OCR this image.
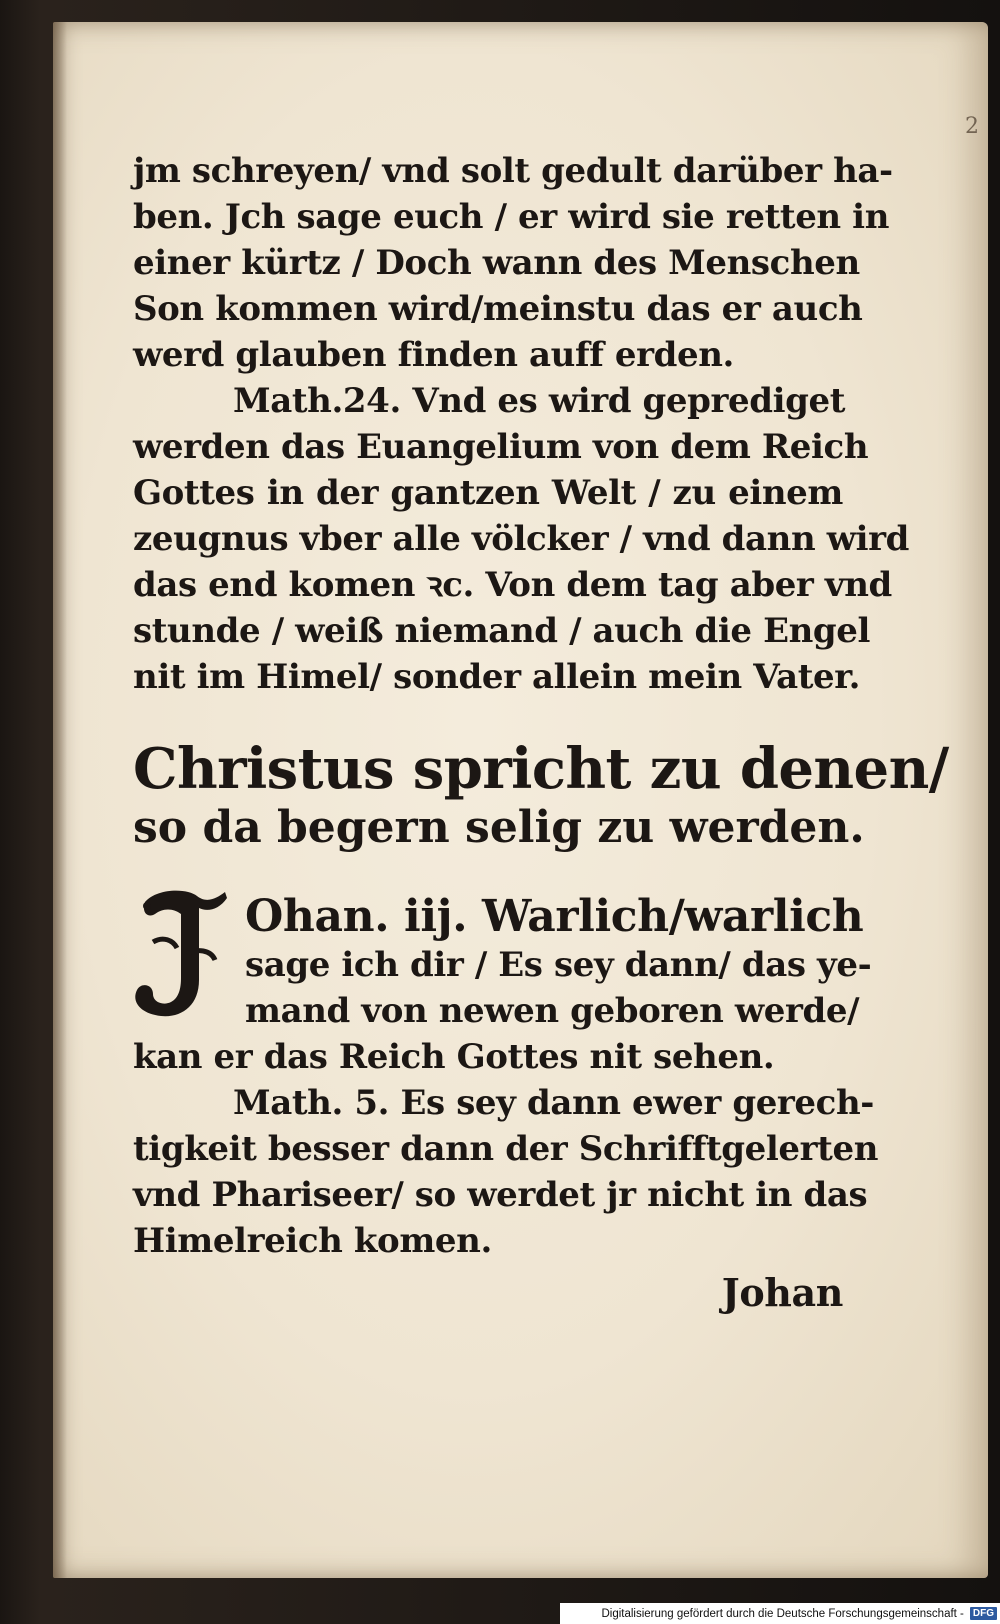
2
jm schreyen/ vnd solt gedult darüber ha-
ben. Jch sage euch / er wird sie retten in
einer kürtz / Doch wann des Menschen
Son kommen wird/meinstu das er auch
werd glauben finden auff erden.
Math.24. Vnd es wird geprediget
werden das Euangelium von dem Reich
Gottes in der gantzen Welt / zu einem
zeugnus vber alle völcker / vnd dann wird
das end komen ꝛc. Von dem tag aber vnd
stunde / weiß niemand / auch die Engel
nit im Himel/ sonder allein mein Vater.
Christus spricht zu denen/
so da begern selig zu werden.
Ohan. iij. Warlich/warlich
sage ich dir / Es sey dann/ das ye-
mand von newen geboren werde/
kan er das Reich Gottes nit sehen.
Math. 5. Es sey dann ewer gerech-
tigkeit besser dann der Schrifftgelerten
vnd Phariseer/ so werdet jr nicht in das
Himelreich komen.
Johan
Digitalisierung gefördert durch die Deutsche Forschungsgemeinschaft - DFG
